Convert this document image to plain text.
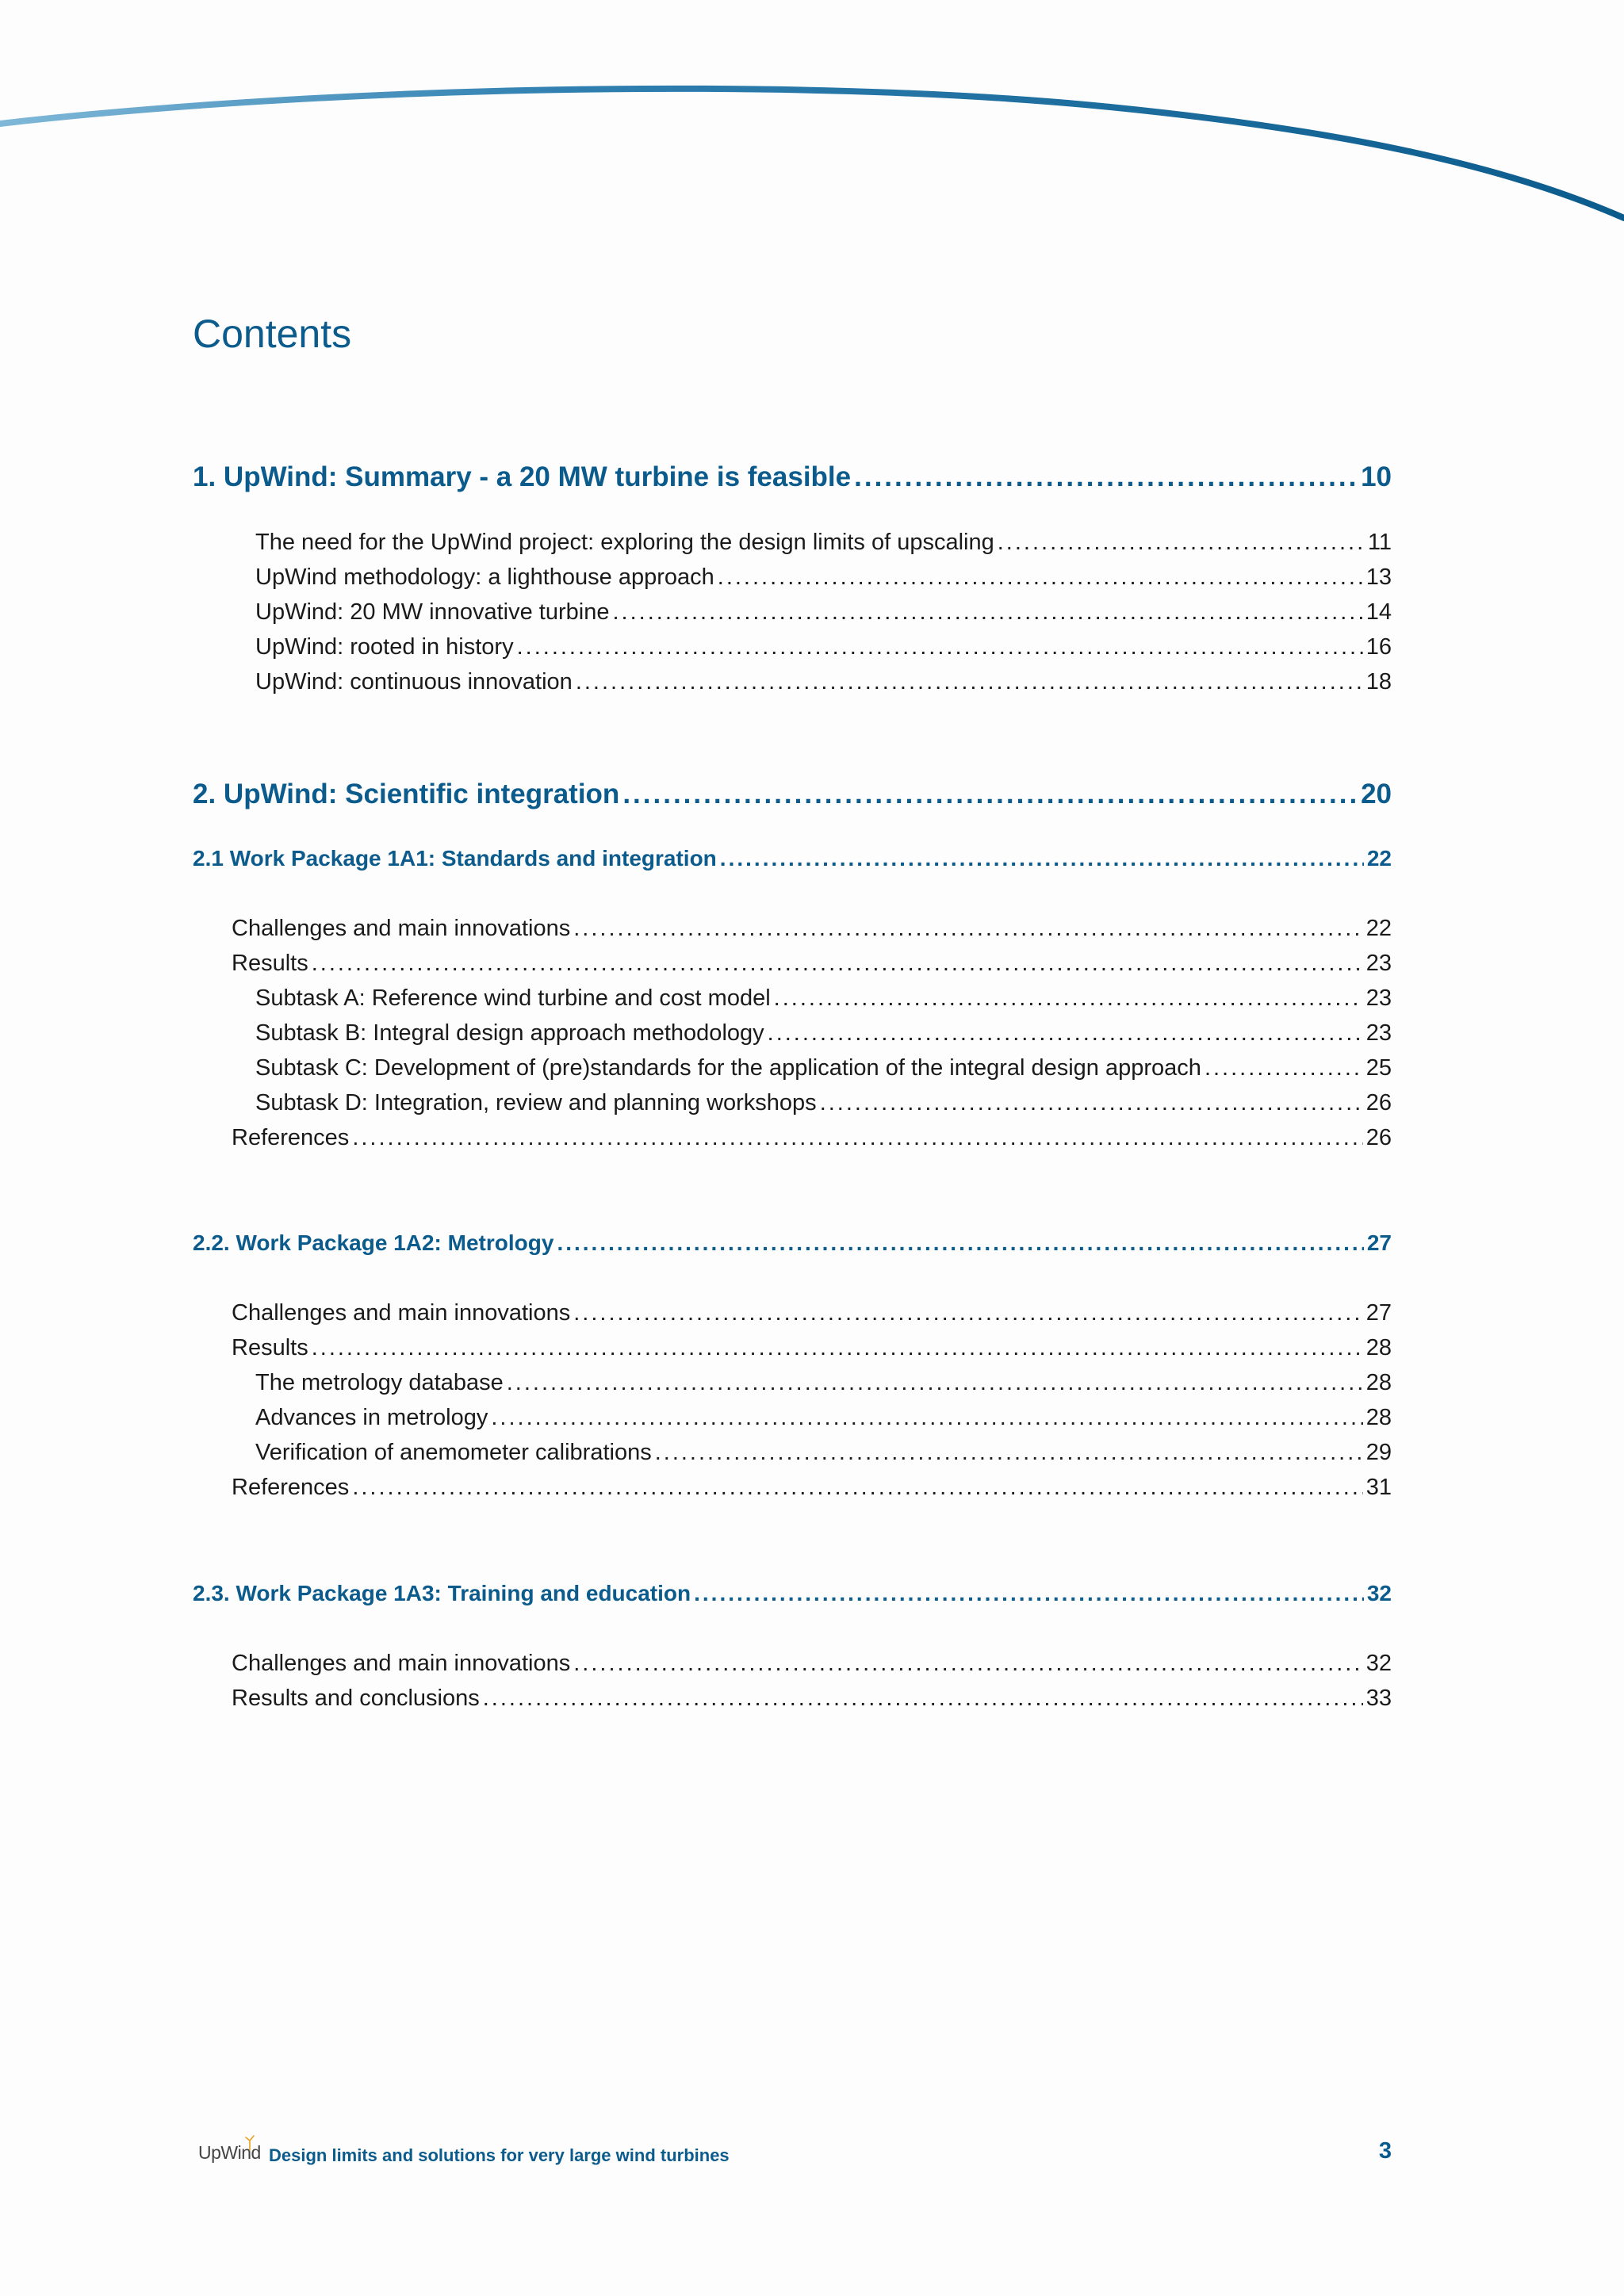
Contents
1. UpWind: Summary - a 20 MW turbine is feasible .....	10
The need for the UpWind project: exploring the design limits of upscaling .....	11
UpWind methodology: a lighthouse approach .....	13
UpWind: 20 MW innovative turbine .....	14
UpWind: rooted in history .....	16
UpWind: continuous innovation .....	18
2. UpWind: Scientific integration .....	20
2.1 Work Package 1A1: Standards and integration .....	22
Challenges and main innovations .....	22
Results .....	23
Subtask A: Reference wind turbine and cost model .....	23
Subtask B: Integral design approach methodology .....	23
Subtask C: Development of (pre)standards for the application of the integral design approach .....	25
Subtask D: Integration, review and planning workshops .....	26
References .....	26
2.2. Work Package 1A2: Metrology .....	27
Challenges and main innovations .....	27
Results .....	28
The metrology database .....	28
Advances in metrology .....	28
Verification of anemometer calibrations .....	29
References .....	31
2.3. Work Package 1A3: Training and education .....	32
Challenges and main innovations .....	32
Results and conclusions .....	33
UpWind Design limits and solutions for very large wind turbines	3
